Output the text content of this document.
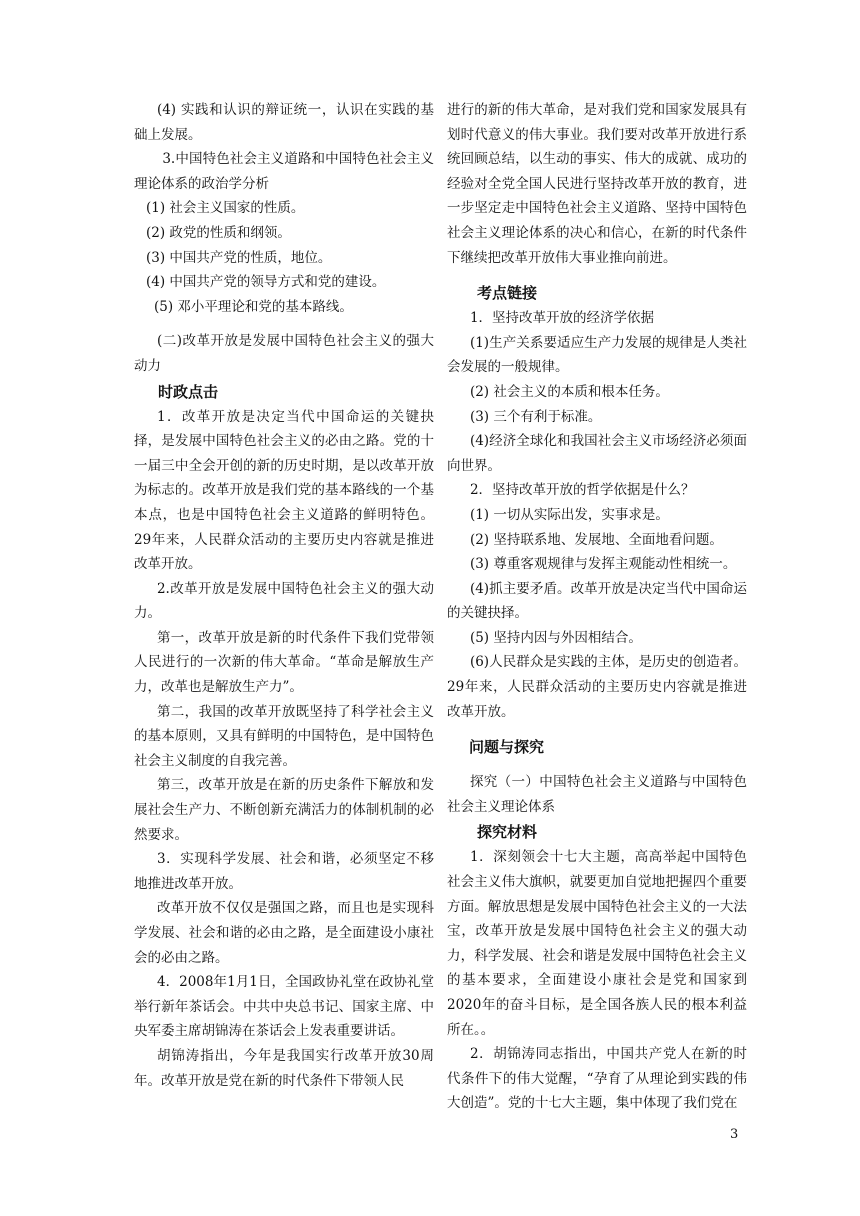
(4) 实践和认识的辩证统一，认识在实践的基础上发展。

3.中国特色社会主义道路和中国特色社会主义理论体系的政治学分析

(1) 社会主义国家的性质。

(2) 政党的性质和纲领。

(3) 中国共产党的性质，地位。

(4) 中国共产党的领导方式和党的建设。

(5) 邓小平理论和党的基本路线。

(二)改革开放是发展中国特色社会主义的强大动力

时政点击

1．改革开放是决定当代中国命运的关键抉择，是发展中国特色社会主义的必由之路。党的十一届三中全会开创的新的历史时期，是以改革开放为标志的。改革开放是我们党的基本路线的一个基本点，也是中国特色社会主义道路的鲜明特色。29年来，人民群众活动的主要历史内容就是推进改革开放。

2.改革开放是发展中国特色社会主义的强大动力。

第一，改革开放是新的时代条件下我们党带领人民进行的一次新的伟大革命。“革命是解放生产力，改革也是解放生产力”。

第二，我国的改革开放既坚持了科学社会主义的基本原则，又具有鲜明的中国特色，是中国特色社会主义制度的自我完善。

第三，改革开放是在新的历史条件下解放和发展社会生产力、不断创新充满活力的体制机制的必然要求。

3．实现科学发展、社会和谐，必须坚定不移地推进改革开放。

改革开放不仅仅是强国之路，而且也是实现科学发展、社会和谐的必由之路，是全面建设小康社会的必由之路。

4．2008年1月1日，全国政协礼堂在政协礼堂举行新年茶话会。中共中央总书记、国家主席、中央军委主席胡锦涛在茶话会上发表重要讲话。

胡锦涛指出，今年是我国实行改革开放30周年。改革开放是党在新的时代条件下带领人民

进行的新的伟大革命，是对我们党和国家发展具有划时代意义的伟大事业。我们要对改革开放进行系统回顾总结，以生动的事实、伟大的成就、成功的经验对全党全国人民进行坚持改革开放的教育，进一步坚定走中国特色社会主义道路、坚持中国特色社会主义理论体系的决心和信心，在新的时代条件下继续把改革开放伟大事业推向前进。

考点链接

1．坚持改革开放的经济学依据

(1)生产关系要适应生产力发展的规律是人类社会发展的一般规律。

(2) 社会主义的本质和根本任务。

(3) 三个有利于标准。

(4)经济全球化和我国社会主义市场经济必须面向世界。

2．坚持改革开放的哲学依据是什么？

(1) 一切从实际出发，实事求是。

(2) 坚持联系地、发展地、全面地看问题。

(3) 尊重客观规律与发挥主观能动性相统一。

(4)抓主要矛盾。改革开放是决定当代中国命运的关键抉择。

(5) 坚持内因与外因相结合。

(6)人民群众是实践的主体，是历史的创造者。29年来，人民群众活动的主要历史内容就是推进改革开放。

问题与探究

探究（一）中国特色社会主义道路与中国特色社会主义理论体系

探究材料

1．深刻领会十七大主题，高高举起中国特色社会主义伟大旗帜，就要更加自觉地把握四个重要方面。解放思想是发展中国特色社会主义的一大法宝，改革开放是发展中国特色社会主义的强大动力，科学发展、社会和谐是发展中国特色社会主义的基本要求，全面建设小康社会是党和国家到2020年的奋斗目标，是全国各族人民的根本利益所在。。

2．胡锦涛同志指出，中国共产党人在新的时代条件下的伟大觉醒，“孕育了从理论到实践的伟大创造”。党的十七大主题，集中体现了我们党在

3
